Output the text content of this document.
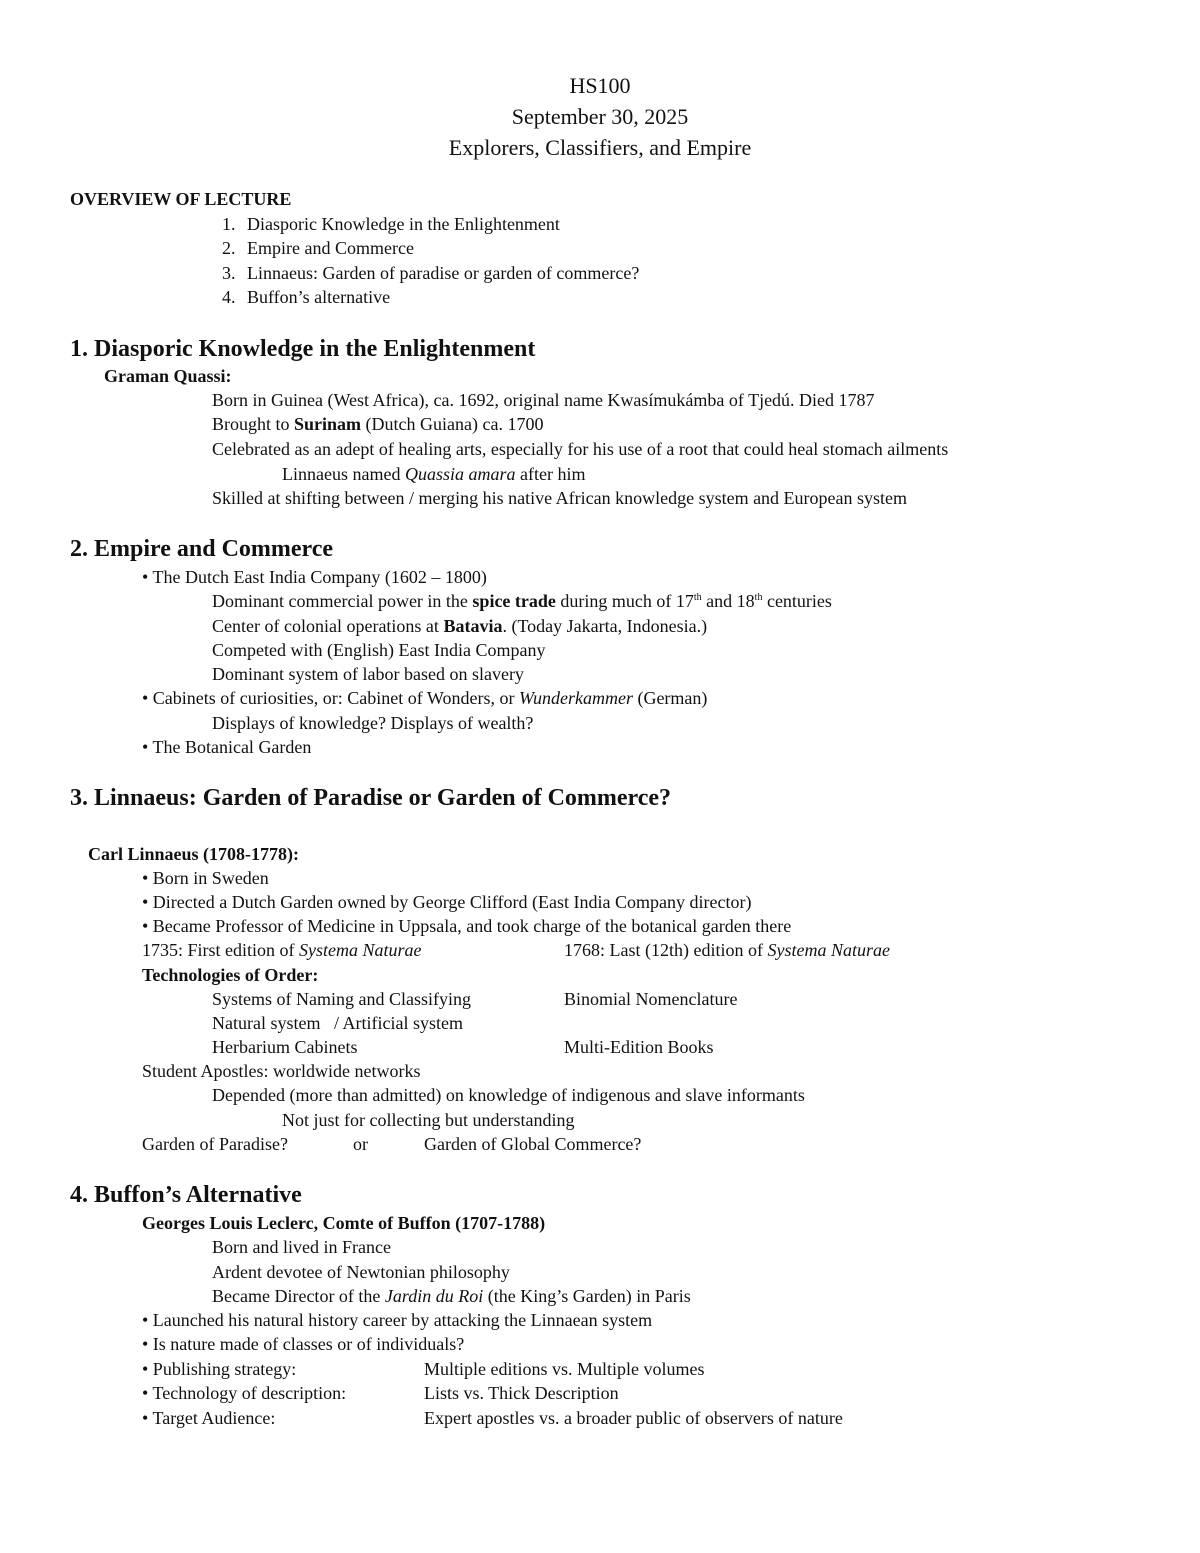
HS100
September 30, 2025
Explorers, Classifiers, and Empire
OVERVIEW OF LECTURE
1. Diasporic Knowledge in the Enlightenment
2. Empire and Commerce
3. Linnaeus: Garden of paradise or garden of commerce?
4. Buffon’s alternative
1. Diasporic Knowledge in the Enlightenment
Graman Quassi:
Born in Guinea (West Africa), ca. 1692, original name Kwasímukámba of Tjedú. Died 1787
Brought to Surinam (Dutch Guiana) ca. 1700
Celebrated as an adept of healing arts, especially for his use of a root that could heal stomach ailments
Linnaeus named Quassia amara after him
Skilled at shifting between / merging his native African knowledge system and European system
2. Empire and Commerce
• The Dutch East India Company (1602 – 1800)
Dominant commercial power in the spice trade during much of 17th and 18th centuries
Center of colonial operations at Batavia. (Today Jakarta, Indonesia.)
Competed with (English) East India Company
Dominant system of labor based on slavery
• Cabinets of curiosities, or: Cabinet of Wonders, or Wunderkammer (German)
Displays of knowledge? Displays of wealth?
• The Botanical Garden
3. Linnaeus: Garden of Paradise or Garden of Commerce?
Carl Linnaeus (1708-1778):
• Born in Sweden
• Directed a Dutch Garden owned by George Clifford (East India Company director)
• Became Professor of Medicine in Uppsala, and took charge of the botanical garden there
1735: First edition of Systema Naturae	1768: Last (12th) edition of Systema Naturae
Technologies of Order:
Systems of Naming and Classifying	Binomial Nomenclature
Natural system   / Artificial system
Herbarium Cabinets	Multi-Edition Books
Student Apostles: worldwide networks
Depended (more than admitted) on knowledge of indigenous and slave informants
Not just for collecting but understanding
Garden of Paradise?	or	Garden of Global Commerce?
4. Buffon’s Alternative
Georges Louis Leclerc, Comte of Buffon (1707-1788)
Born and lived in France
Ardent devotee of Newtonian philosophy
Became Director of the Jardin du Roi (the King’s Garden) in Paris
• Launched his natural history career by attacking the Linnaean system
• Is nature made of classes or of individuals?
• Publishing strategy:	Multiple editions vs. Multiple volumes
• Technology of description:	Lists vs. Thick Description
• Target Audience:	Expert apostles vs. a broader public of observers of nature
